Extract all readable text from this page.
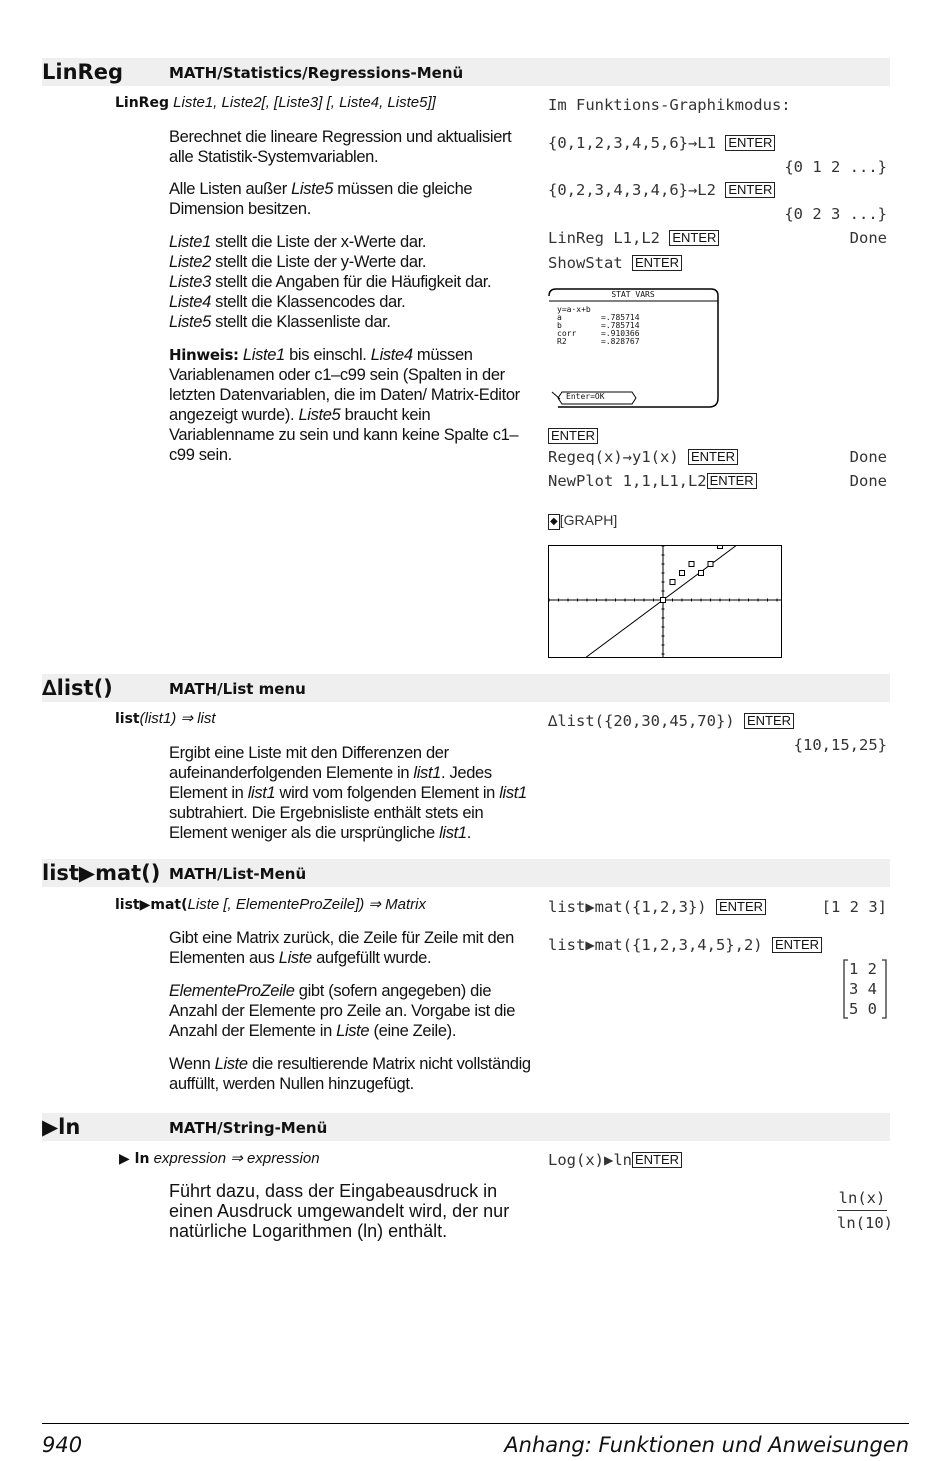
LinReg	MATH/Statistics/Regressions-Menü
LinReg Liste1, Liste2[, [Liste3] [, Liste4, Liste5]]

Berechnet die lineare Regression und aktualisiert alle Statistik-Systemvariablen.

Alle Listen außer Liste5 müssen die gleiche Dimension besitzen.

Liste1 stellt die Liste der x-Werte dar.

Liste2 stellt die Liste der y-Werte dar.

Liste3 stellt die Angaben für die Häufigkeit dar.

Liste4 stellt die Klassencodes dar.

Liste5 stellt die Klassenliste dar.

Hinweis: Liste1 bis einschl. Liste4 müssen Variablenamen oder c1–c99 sein (Spalten in der letzten Datenvariablen, die im Daten/ Matrix-Editor angezeigt wurde). Liste5 braucht kein Variablenname zu sein und kann keine Spalte c1–c99 sein.

Im Funktions-Graphikmodus:
{0,1,2,3,4,5,6}→L1 ENTER
{0 1 2 ...}
{0,2,3,4,3,4,6}→L2 ENTER
{0 2 3 ...}
LinReg L1,L2 ENTER	Done
ShowStat ENTER
STAT VARS
y=a·x+b
a	=.785714
b	=.785714
corr	=.910366
R2	=.828767
Enter=OK
ENTER
Regeq(x)→y1(x) ENTER	Done
NewPlot 1,1,L1,L2 ENTER	Done
◆ [GRAPH]
∆list()	MATH/List menu
list(list1) ⇒ list

Ergibt eine Liste mit den Differenzen der aufeinanderfolgenden Elemente in list1. Jedes Element in list1 wird vom folgenden Element in list1 subtrahiert. Die Ergebnisliste enthält stets ein Element weniger als die ursprüngliche list1.

∆list({20,30,45,70}) ENTER
{10,15,25}
list▶mat() MATH/List-Menü
list▶mat(Liste [, ElementeProZeile]) ⇒ Matrix

Gibt eine Matrix zurück, die Zeile für Zeile mit den Elementen aus Liste aufgefüllt wurde.

ElementeProZeile gibt (sofern angegeben) die Anzahl der Elemente pro Zeile an. Vorgabe ist die Anzahl der Elemente in Liste (eine Zeile).

Wenn Liste die resultierende Matrix nicht vollständig auffüllt, werden Nullen hinzugefügt.

list▶mat({1,2,3}) ENTER	[1 2 3]
list▶mat({1,2,3,4,5},2) ENTER
1 2
3 4
5 0
▶ln	MATH/String-Menü
▶ ln expression ⇒ expression

Führt dazu, dass der Eingabeausdruck in einen Ausdruck umgewandelt wird, der nur natürliche Logarithmen (ln) enthält.

Log(x)▶ln ENTER
ln(x)
ln(10)
940	Anhang: Funktionen und Anweisungen
